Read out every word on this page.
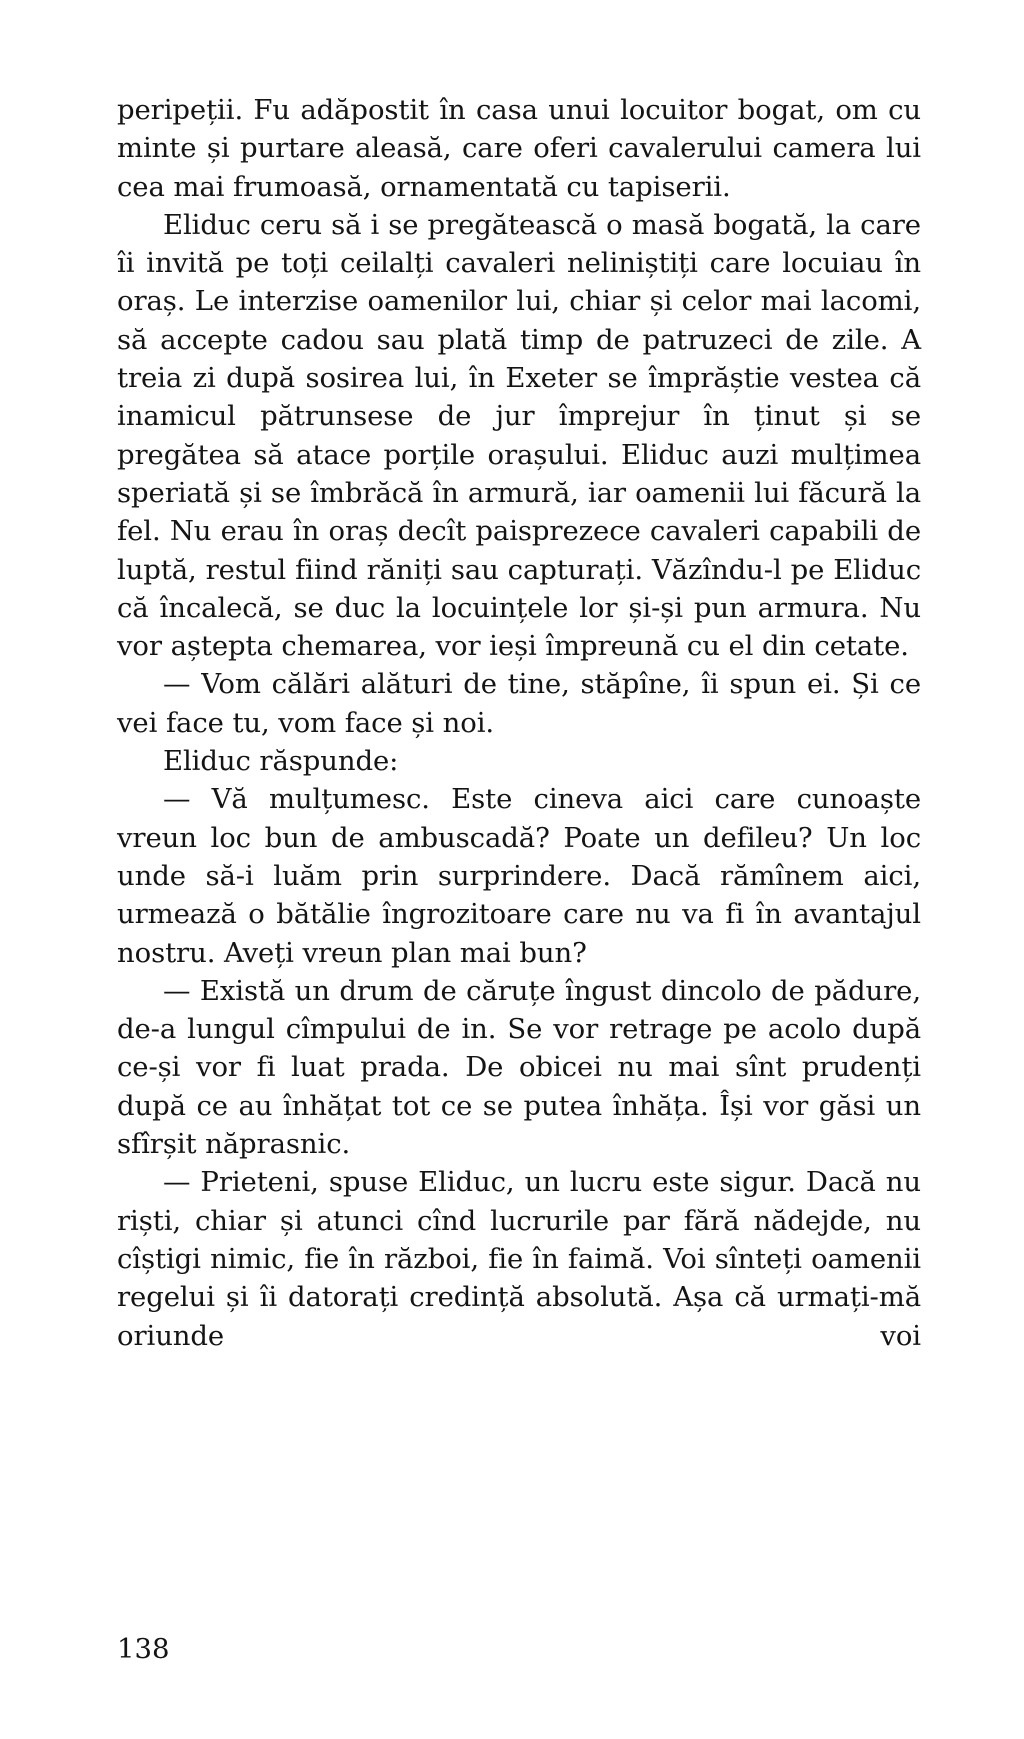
peripeții. Fu adăpostit în casa unui locuitor bogat, om cu minte și purtare aleasă, care oferi cavalerului camera lui cea mai frumoasă, ornamentată cu tapiserii.

Eliduc ceru să i se pregătească o masă bogată, la care îi invită pe toți ceilalți cavaleri neliniștiți care locuiau în oraș. Le interzise oamenilor lui, chiar și celor mai lacomi, să accepte cadou sau plată timp de patruzeci de zile. A treia zi după sosirea lui, în Exeter se împrăștie vestea că inamicul pătrunsese de jur împrejur în ținut și se pregătea să atace porțile orașului. Eliduc auzi mulțimea speriată și se îmbrăcă în armură, iar oamenii lui făcură la fel. Nu erau în oraș decît paisprezece cavaleri capabili de luptă, restul fiind răniți sau capturați. Văzîndu-l pe Eliduc că încalecă, se duc la locuințele lor și-și pun armura. Nu vor aștepta chemarea, vor ieși împreună cu el din cetate.

— Vom călări alături de tine, stăpîne, îi spun ei. Și ce vei face tu, vom face și noi.

Eliduc răspunde:

— Vă mulțumesc. Este cineva aici care cunoaște vreun loc bun de ambuscadă? Poate un defileu? Un loc unde să-i luăm prin surprindere. Dacă rămînem aici, urmează o bătălie îngrozitoare care nu va fi în avantajul nostru. Aveți vreun plan mai bun?

— Există un drum de căruțe îngust dincolo de pădure, de-a lungul cîmpului de in. Se vor retrage pe acolo după ce-și vor fi luat prada. De obicei nu mai sînt prudenți după ce au înhățat tot ce se putea înhăța. Își vor găsi un sfîrșit năprasnic.

— Prieteni, spuse Eliduc, un lucru este sigur. Dacă nu riști, chiar și atunci cînd lucrurile par fără nădejde, nu cîștigi nimic, fie în război, fie în faimă. Voi sînteți oamenii regelui și îi datorați credință absolută. Așa că urmați-mă oriunde voi

138
